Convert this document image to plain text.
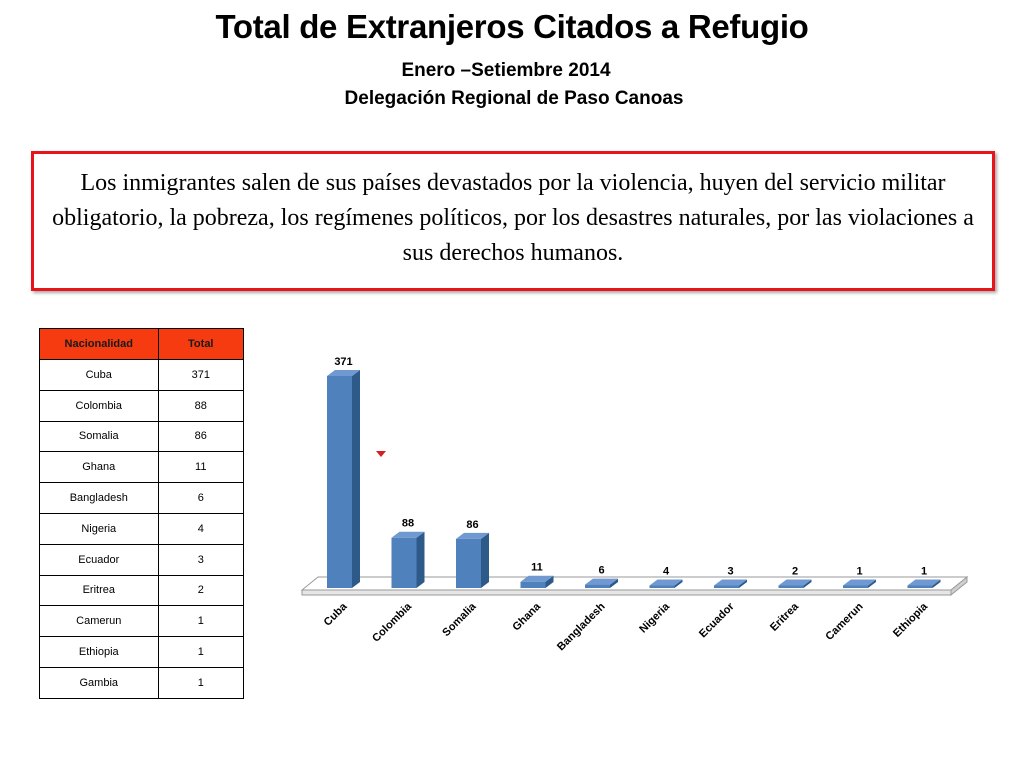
Total de Extranjeros Citados a Refugio
Enero –Setiembre 2014
Delegación Regional de Paso Canoas

Los inmigrantes salen de sus países devastados por la violencia, huyen del servicio militar obligatorio, la pobreza, los regímenes políticos, por los desastres naturales, por las violaciones a sus derechos humanos.

Nacionalidad	Total
Cuba	371
Colombia	88
Somalia	86
Ghana	11
Bangladesh	6
Nigeria	4
Ecuador	3
Eritrea	2
Camerun	1
Ethiopia	1
Gambia	1
371
88	86
11	6	4	3	2	1	1
Cuba Colombia Somalia	Ghana Bangladesh	Nigeria Ecuador	Eritrea Camerun Ethiopia
